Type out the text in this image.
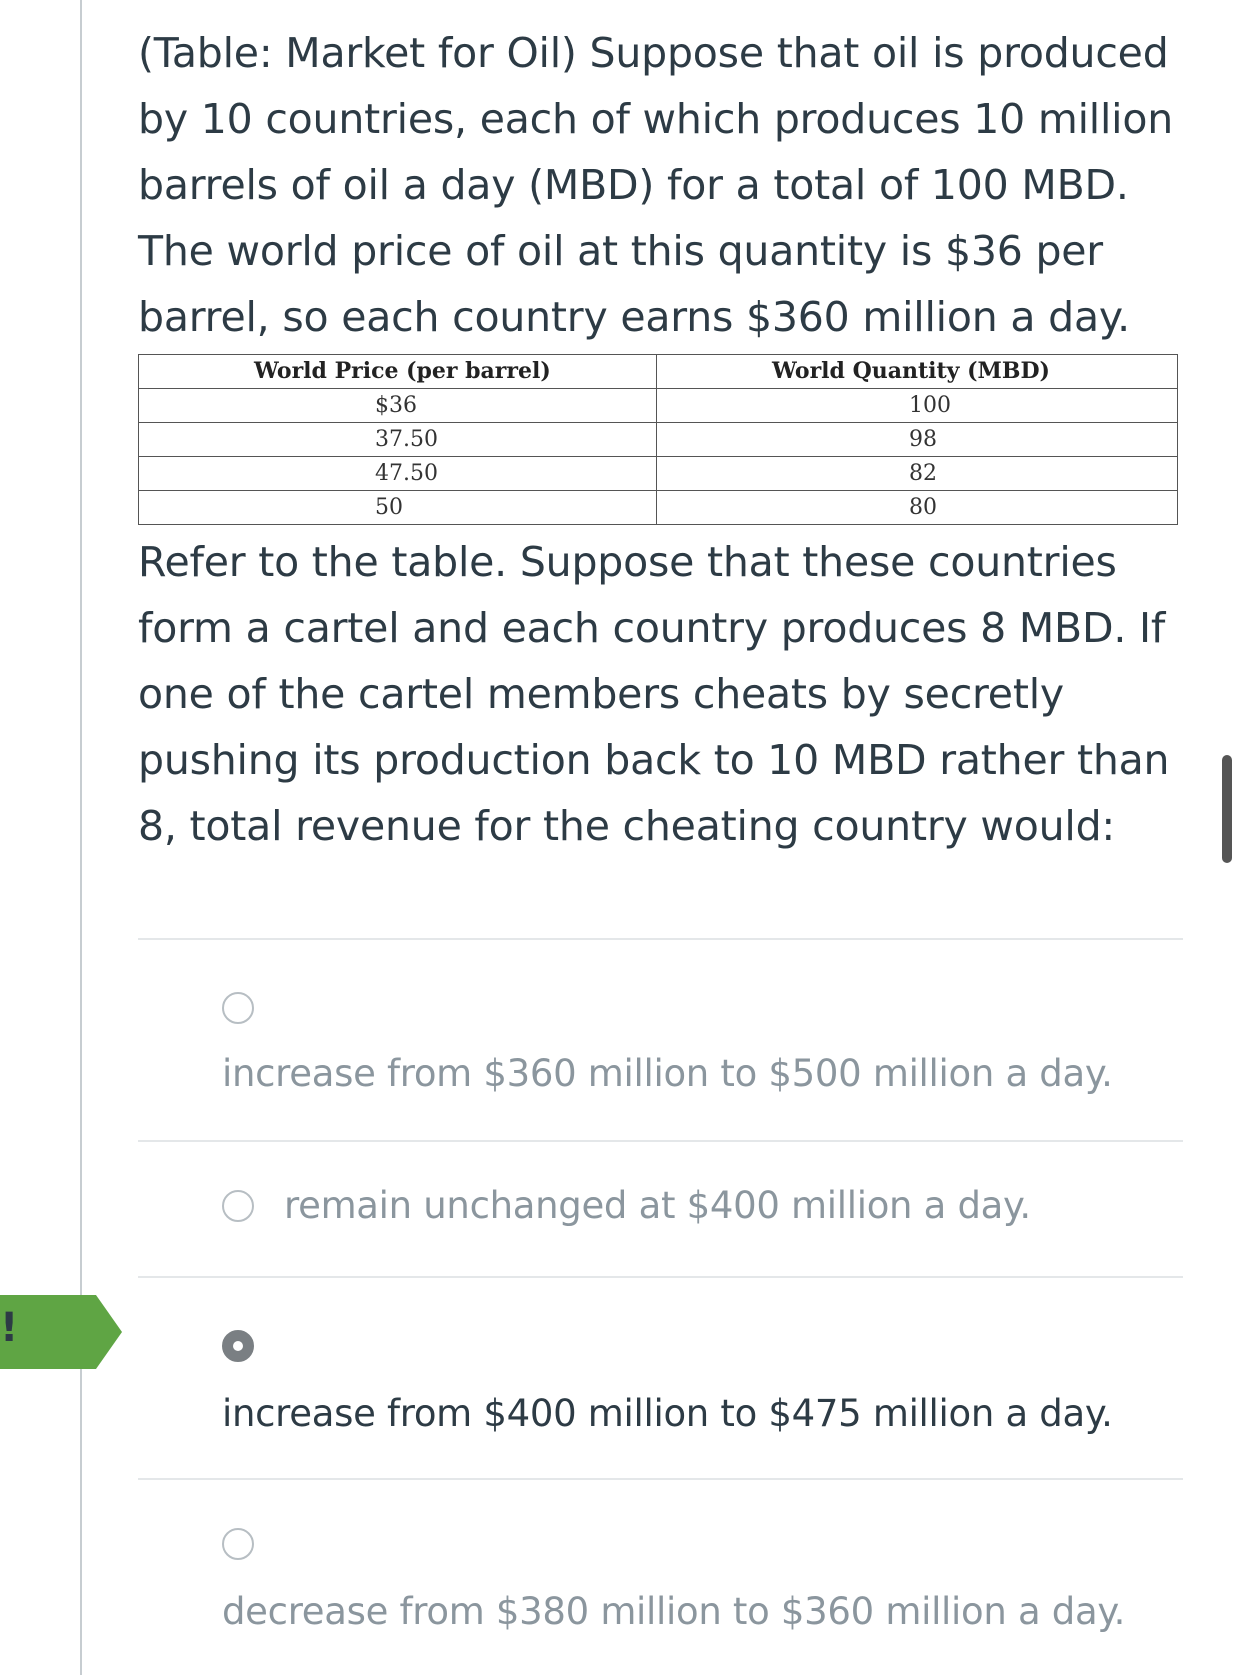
(Table: Market for Oil) Suppose that oil is produced by 10 countries, each of which produces 10 million barrels of oil a day (MBD) for a total of 100 MBD. The world price of oil at this quantity is $36 per barrel, so each country earns $360 million a day.

World Price (per barrel)	World Quantity (MBD)
$36	100
37.50	98
47.50	82
50	80

Refer to the table. Suppose that these countries form a cartel and each country produces 8 MBD. If one of the cartel members cheats by secretly pushing its production back to 10 MBD rather than 8, total revenue for the cheating country would:

increase from $360 million to $500 million a day.
remain unchanged at $400 million a day.
increase from $400 million to $475 million a day.
decrease from $380 million to $360 million a day.
!
